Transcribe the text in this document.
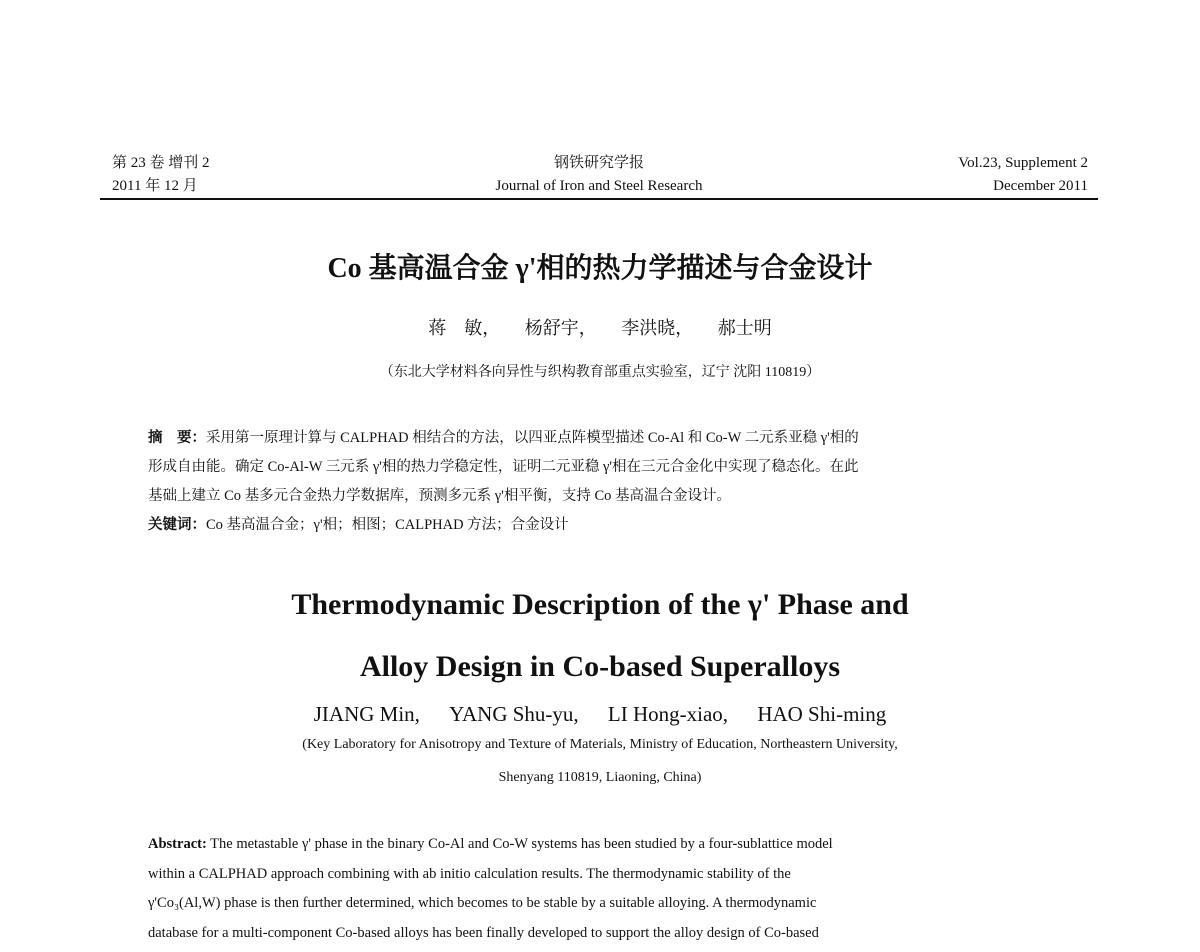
第 23 卷 增刊 2
2011 年 12 月
钢铁研究学报
Journal of Iron and Steel Research
Vol.23, Supplement 2
December 2011
Co 基高温合金 γ'相的热力学描述与合金设计
蒋　敏， 杨舒宇， 李洪晓， 郝士明
（东北大学材料各向异性与织构教育部重点实验室，辽宁 沈阳 110819）
摘　要：采用第一原理计算与 CALPHAD 相结合的方法，以四亚点阵模型描述 Co-Al 和 Co-W 二元系亚稳 γ'相的
形成自由能。确定 Co-Al-W 三元系 γ'相的热力学稳定性，证明二元亚稳 γ'相在三元合金化中实现了稳态化。在此
基础上建立 Co 基多元合金热力学数据库，预测多元系 γ'相平衡，支持 Co 基高温合金设计。
关键词：Co 基高温合金；γ'相；相图；CALPHAD 方法；合金设计
Thermodynamic Description of the γ' Phase and
Alloy Design in Co-based Superalloys
JIANG Min, YANG Shu-yu, LI Hong-xiao, HAO Shi-ming
(Key Laboratory for Anisotropy and Texture of Materials, Ministry of Education, Northeastern University,
Shenyang 110819, Liaoning, China)
Abstract: The metastable γ' phase in the binary Co-Al and Co-W systems has been studied by a four-sublattice model
within a CALPHAD approach combining with ab initio calculation results. The thermodynamic stability of the
γ'Co₃(Al,W) phase is then further determined, which becomes to be stable by a suitable alloying. A thermodynamic
database for a multi-component Co-based alloys has been finally developed to support the alloy design of Co-based
